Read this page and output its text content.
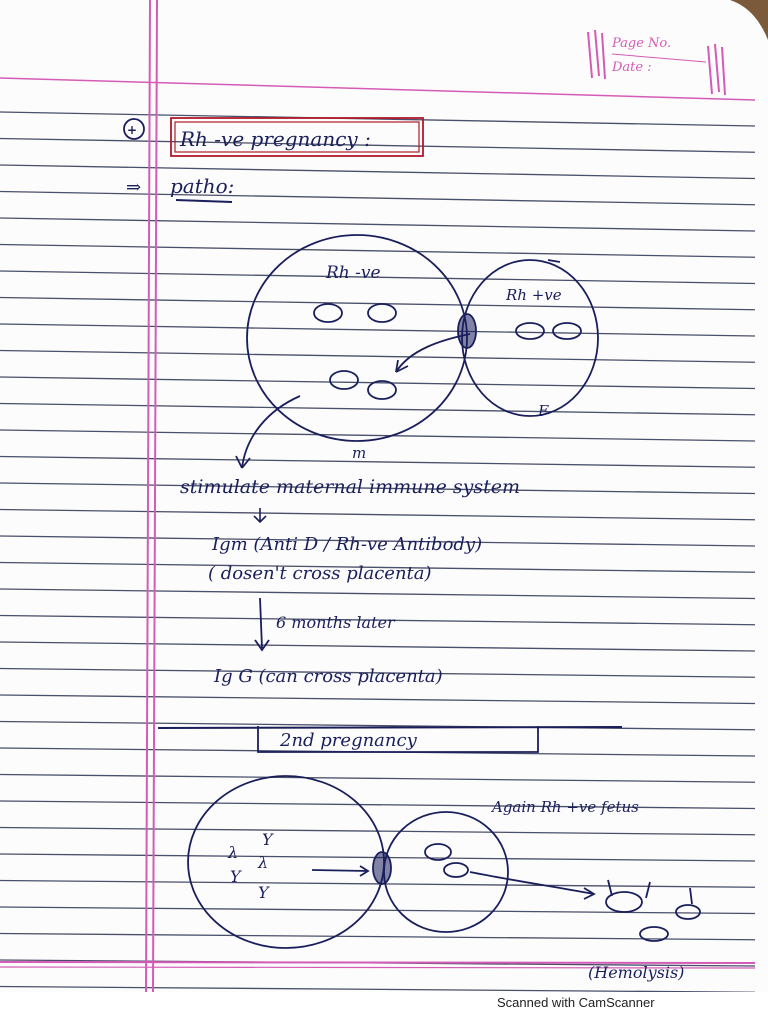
Page No.
Date :
+ Rh -ve pregnancy :
⇒ patho:
Rh -ve
Rh +ve
F
m
stimulate maternal immune system
Igm (Anti D / Rh-ve Antibody)
( dosen't cross placenta)
6 months later
Ig G (can cross placenta)
2nd pregnancy
Y
λ
λ
Y
Y
Again Rh +ve fetus
(Hemolysis)
Scanned with CamScanner
